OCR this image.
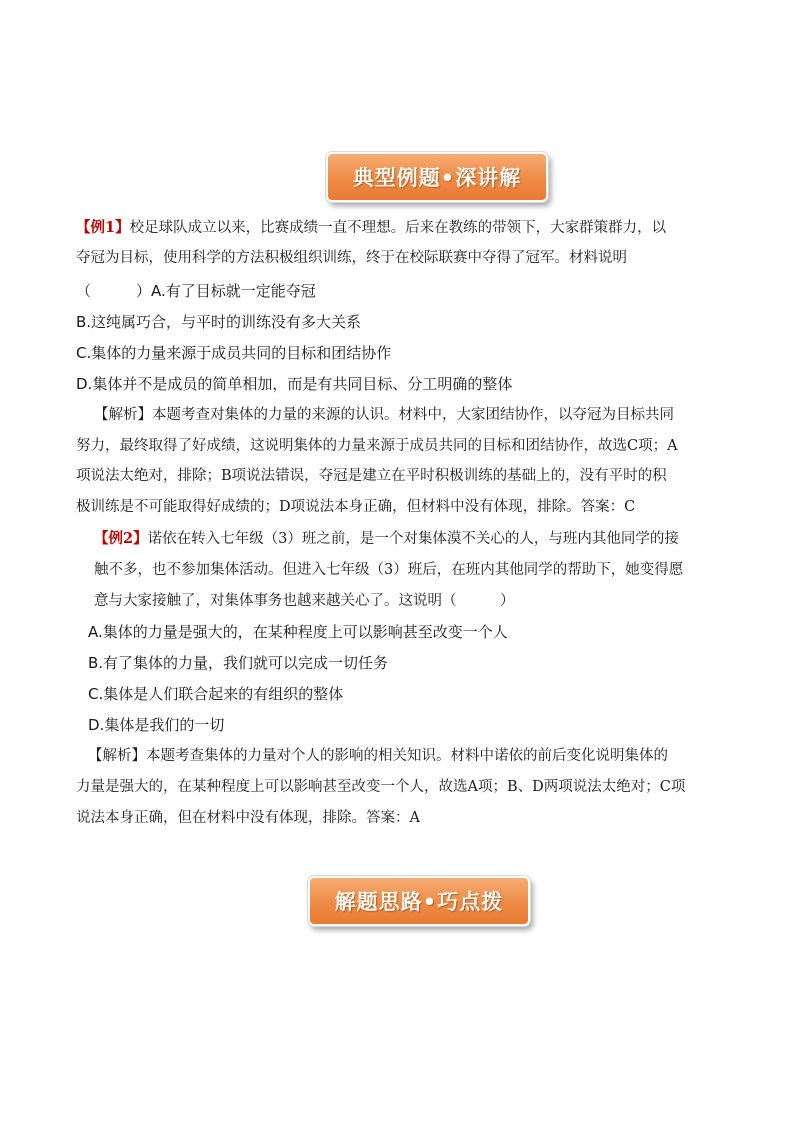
典型例题•深讲解
【例1】校足球队成立以来，比赛成绩一直不理想。后来在教练的带领下，大家群策群力，以
夺冠为目标，使用科学的方法积极组织训练，终于在校际联赛中夺得了冠军。材料说明
（　　　）A.有了目标就一定能夺冠
B.这纯属巧合，与平时的训练没有多大关系
C.集体的力量来源于成员共同的目标和团结协作
D.集体并不是成员的简单相加，而是有共同目标、分工明确的整体
【解析】本题考查对集体的力量的来源的认识。材料中，大家团结协作，以夺冠为目标共同
努力，最终取得了好成绩，这说明集体的力量来源于成员共同的目标和团结协作，故选C项；A
项说法太绝对，排除；B项说法错误，夺冠是建立在平时积极训练的基础上的，没有平时的积
极训练是不可能取得好成绩的；D项说法本身正确，但材料中没有体现，排除。答案：C
【例2】诺依在转入七年级（3）班之前，是一个对集体漠不关心的人，与班内其他同学的接
触不多，也不参加集体活动。但进入七年级（3）班后，在班内其他同学的帮助下，她变得愿
意与大家接触了，对集体事务也越来越关心了。这说明（　　　）
A.集体的力量是强大的，在某种程度上可以影响甚至改变一个人
B.有了集体的力量，我们就可以完成一切任务
C.集体是人们联合起来的有组织的整体
D.集体是我们的一切
【解析】本题考查集体的力量对个人的影响的相关知识。材料中诺依的前后变化说明集体的
力量是强大的，在某种程度上可以影响甚至改变一个人，故选A项；B、D两项说法太绝对；C项
说法本身正确，但在材料中没有体现，排除。答案：A
解题思路•巧点拨
